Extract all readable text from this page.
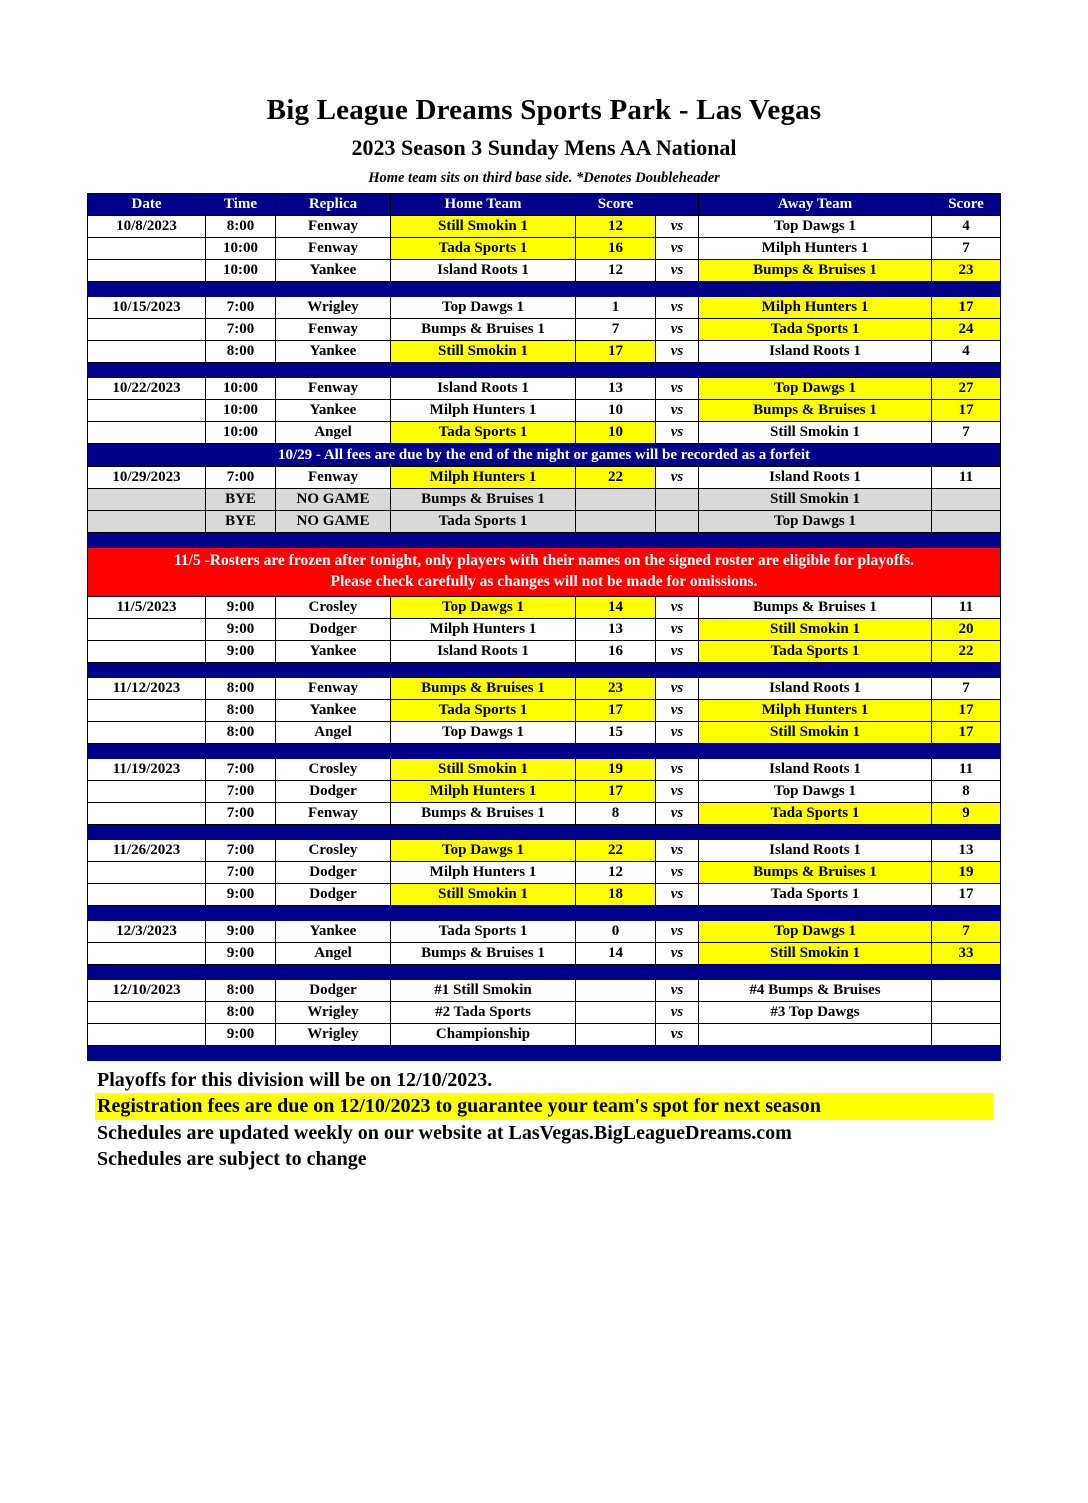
Big League Dreams Sports Park - Las Vegas
2023 Season 3 Sunday Mens AA National
Home team sits on third base side. *Denotes Doubleheader
Date	Time	Replica	Home Team	Score		Away Team	Score
10/8/2023	8:00	Fenway	Still Smokin 1	12	vs	Top Dawgs 1	4
	10:00	Fenway	Tada Sports 1	16	vs	Milph Hunters 1	7
	10:00	Yankee	Island Roots 1	12	vs	Bumps & Bruises 1	23

10/15/2023	7:00	Wrigley	Top Dawgs 1	1	vs	Milph Hunters 1	17
	7:00	Fenway	Bumps & Bruises 1	7	vs	Tada Sports 1	24
	8:00	Yankee	Still Smokin 1	17	vs	Island Roots 1	4

10/22/2023	10:00	Fenway	Island Roots 1	13	vs	Top Dawgs 1	27
	10:00	Yankee	Milph Hunters 1	10	vs	Bumps & Bruises 1	17
	10:00	Angel	Tada Sports 1	10	vs	Still Smokin 1	7
10/29 - All fees are due by the end of the night or games will be recorded as a forfeit							
10/29/2023	7:00	Fenway	Milph Hunters 1	22	vs	Island Roots 1	11
	BYE	NO GAME	Bumps & Bruises 1			Still Smokin 1	
	BYE	NO GAME	Tada Sports 1			Top Dawgs 1	

11/5 -Rosters are frozen after tonight, only players with their names on the signed roster are eligible for playoffs.
Please check carefully as changes will not be made for omissions.							

11/5/2023	9:00	Crosley	Top Dawgs 1	14	vs	Bumps & Bruises 1	11
	9:00	Dodger	Milph Hunters 1	13	vs	Still Smokin 1	20
	9:00	Yankee	Island Roots 1	16	vs	Tada Sports 1	22

11/12/2023	8:00	Fenway	Bumps & Bruises 1	23	vs	Island Roots 1	7
	8:00	Yankee	Tada Sports 1	17	vs	Milph Hunters 1	17
	8:00	Angel	Top Dawgs 1	15	vs	Still Smokin 1	17

11/19/2023	7:00	Crosley	Still Smokin 1	19	vs	Island Roots 1	11
	7:00	Dodger	Milph Hunters 1	17	vs	Top Dawgs 1	8
	7:00	Fenway	Bumps & Bruises 1	8	vs	Tada Sports 1	9

11/26/2023	7:00	Crosley	Top Dawgs 1	22	vs	Island Roots 1	13
	7:00	Dodger	Milph Hunters 1	12	vs	Bumps & Bruises 1	19
	9:00	Dodger	Still Smokin 1	18	vs	Tada Sports 1	17

12/3/2023	9:00	Yankee	Tada Sports 1	0	vs	Top Dawgs 1	7
	9:00	Angel	Bumps & Bruises 1	14	vs	Still Smokin 1	33

12/10/2023	8:00	Dodger	#1 Still Smokin		vs	#4 Bumps & Bruises	
	8:00	Wrigley	#2 Tada Sports		vs	#3 Top Dawgs	
	9:00	Wrigley	Championship		vs		

Playoffs for this division will be on 12/10/2023.
Registration fees are due on 12/10/2023 to guarantee your team's spot for next season
Schedules are updated weekly on our website at LasVegas.BigLeagueDreams.com
Schedules are subject to change
